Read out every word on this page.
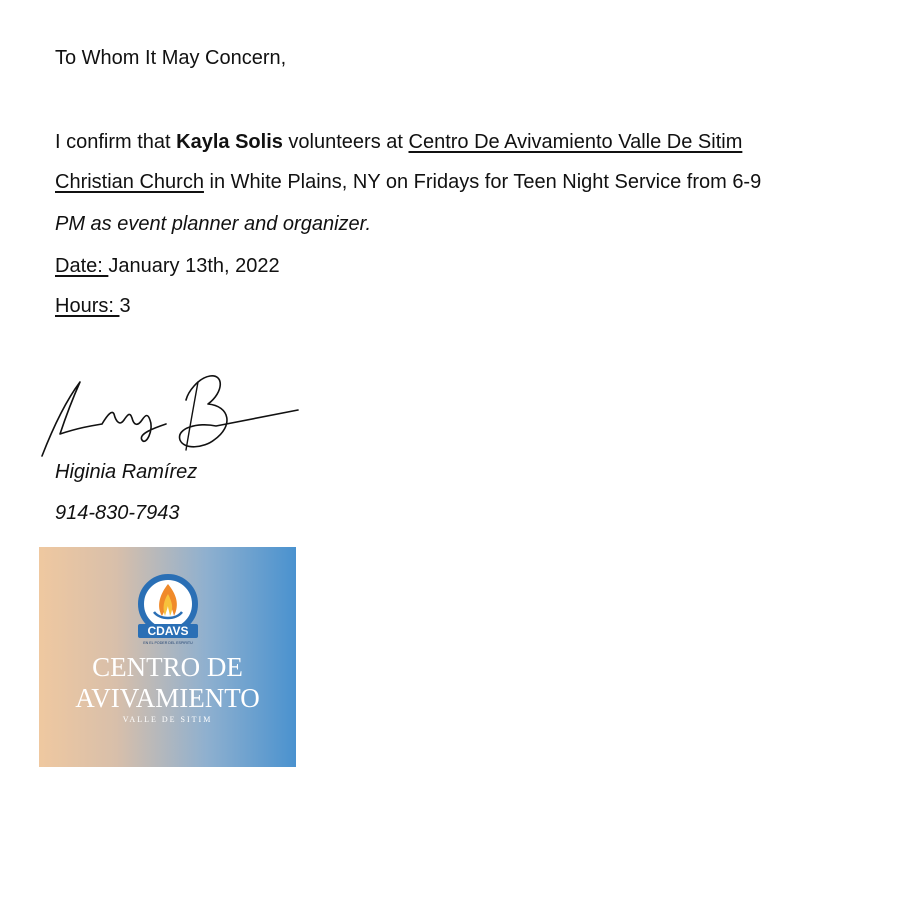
To Whom It May Concern,
I confirm that Kayla Solis volunteers at Centro De Avivamiento Valle De Sitim
Christian Church in White Plains, NY on Fridays for Teen Night Service from 6-9
PM as event planner and organizer.
Date: January 13th, 2022
Hours: 3
Higinia Ramírez
914-830-7943
CDAVS
EN EL PODER DEL ESPIRITU
CENTRO DE
AVIVAMIENTO
VALLE DE SITIM
